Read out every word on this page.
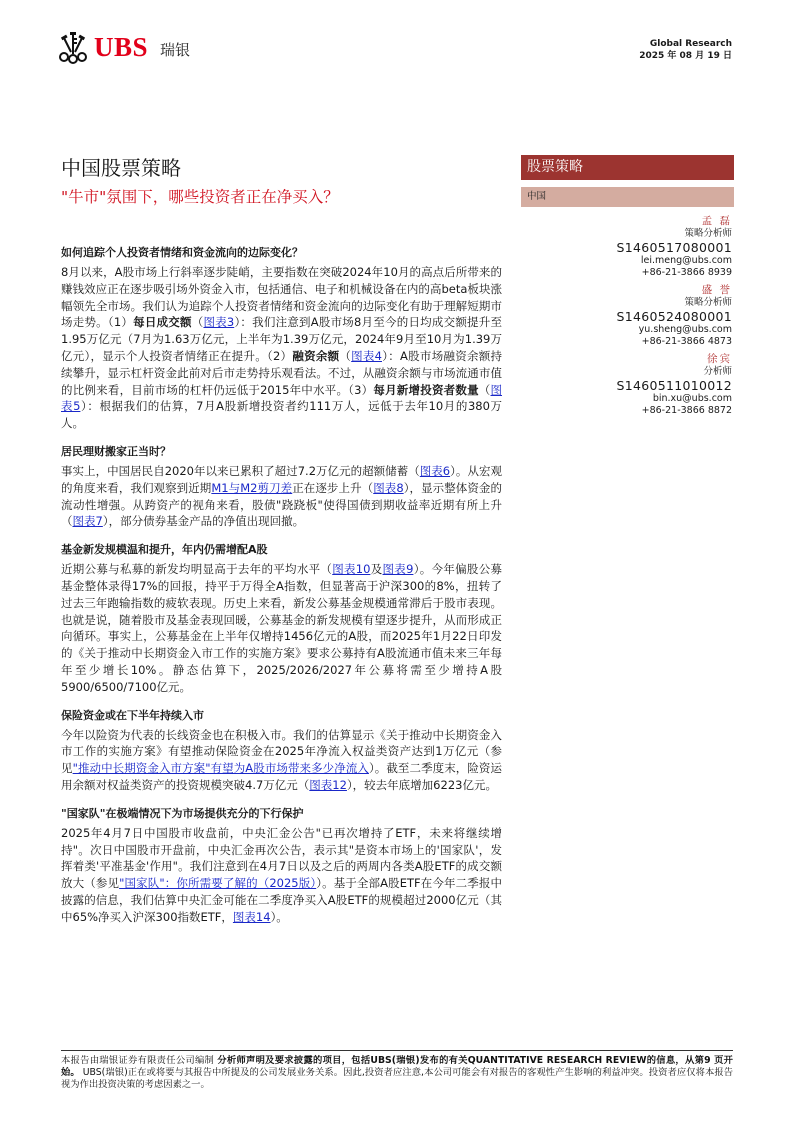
UBS 瑞银	Global Research
2025 年 08 月 19 日
中国股票策略
"牛市"氛围下，哪些投资者正在净买入？
股票策略
中国
孟 磊
策略分析师
S1460517080001
lei.meng@ubs.com
+86-21-3866 8939
盛 誉
策略分析师
S1460524080001
yu.sheng@ubs.com
+86-21-3866 4873
徐宾
分析师
S1460511010012
bin.xu@ubs.com
+86-21-3866 8872
如何追踪个人投资者情绪和资金流向的边际变化？

8月以来，A股市场上行斜率逐步陡峭，主要指数在突破2024年10月的高点后所带来的赚钱效应正在逐步吸引场外资金入市，包括通信、电子和机械设备在内的高beta板块涨幅领先全市场。我们认为追踪个人投资者情绪和资金流向的边际变化有助于理解短期市场走势。（1）每日成交额（图表3）：我们注意到A股市场8月至今的日均成交额提升至1.95万亿元（7月为1.63万亿元，上半年为1.39万亿元，2024年9月至10月为1.39万亿元），显示个人投资者情绪正在提升。（2）融资余额（图表4）：A股市场融资余额持续攀升，显示杠杆资金此前对后市走势持乐观看法。不过，从融资余额与市场流通市值的比例来看，目前市场的杠杆仍远低于2015年中水平。（3）每月新增投资者数量（图表5）：根据我们的估算，7月A股新增投资者约111万人，远低于去年10月的380万人。

居民理财搬家正当时？

事实上，中国居民自2020年以来已累积了超过7.2万亿元的超额储蓄（图表6）。从宏观的角度来看，我们观察到近期M1与M2剪刀差正在逐步上升（图表8），显示整体资金的流动性增强。从跨资产的视角来看，股债"跷跷板"使得国债到期收益率近期有所上升（图表7），部分债券基金产品的净值出现回撤。

基金新发规模温和提升，年内仍需增配A股

近期公募与私募的新发均明显高于去年的平均水平（图表10及图表9）。今年偏股公募基金整体录得17%的回报，持平于万得全A指数，但显著高于沪深300的8%，扭转了过去三年跑输指数的疲软表现。历史上来看，新发公募基金规模通常滞后于股市表现。也就是说，随着股市及基金表现回暖，公募基金的新发规模有望逐步提升，从而形成正向循环。事实上，公募基金在上半年仅增持1456亿元的A股，而2025年1月22日印发的《关于推动中长期资金入市工作的实施方案》要求公募持有A股流通市值未来三年每年至少增长10%。静态估算下，2025/2026/2027年公募将需至少增持A股5900/6500/7100亿元。

保险资金或在下半年持续入市

今年以险资为代表的长线资金也在积极入市。我们的估算显示《关于推动中长期资金入市工作的实施方案》有望推动保险资金在2025年净流入权益类资产达到1万亿元（参见"推动中长期资金入市方案"有望为A股市场带来多少净流入）。截至二季度末，险资运用余额对权益类资产的投资规模突破4.7万亿元（图表12），较去年底增加6223亿元。

"国家队"在极端情况下为市场提供充分的下行保护

2025年4月7日中国股市收盘前，中央汇金公告"已再次增持了ETF，未来将继续增持"。次日中国股市开盘前，中央汇金再次公告，表示其"是资本市场上的'国家队'，发挥着类'平准基金'作用"。我们注意到在4月7日以及之后的两周内各类A股ETF的成交额放大（参见"国家队"：你所需要了解的（2025版））。基于全部A股ETF在今年二季报中披露的信息，我们估算中央汇金可能在二季度净买入A股ETF的规模超过2000亿元（其中65%净买入沪深300指数ETF，图表14）。

本报告由瑞银证券有限责任公司编制 分析师声明及要求披露的项目，包括UBS(瑞银)发布的有关QUANTITATIVE RESEARCH REVIEW的信息，从第9 页开始。 UBS(瑞银)正在或将要与其报告中所提及的公司发展业务关系。因此,投资者应注意,本公司可能会有对报告的客观性产生影响的利益冲突。投资者应仅将本报告视为作出投资决策的考虑因素之一。
